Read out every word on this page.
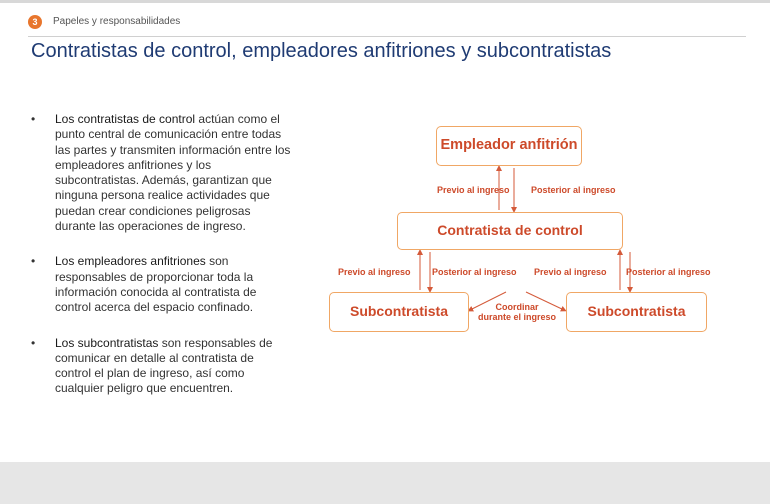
3	Papeles y responsabilidades
Contratistas de control, empleadores anfitriones y subcontratistas
• Los contratistas de control actúan como el punto central de comunicación entre todas las partes y transmiten información entre los empleadores anfitriones y los subcontratistas. Además, garantizan que ninguna persona realice actividades que puedan crear condiciones peligrosas durante las operaciones de ingreso.
• Los empleadores anfitriones son responsables de proporcionar toda la información conocida al contratista de control acerca del espacio confinado.
• Los subcontratistas son responsables de comunicar en detalle al contratista de control el plan de ingreso, así como cualquier peligro que encuentren.
Empleador anfitrión
Contratista de control
Subcontratista	Subcontratista
Previo al ingreso Posterior al ingreso
Previo al ingreso Posterior al ingreso Previo al ingreso Posterior al ingreso
Coordinar
durante el ingreso
